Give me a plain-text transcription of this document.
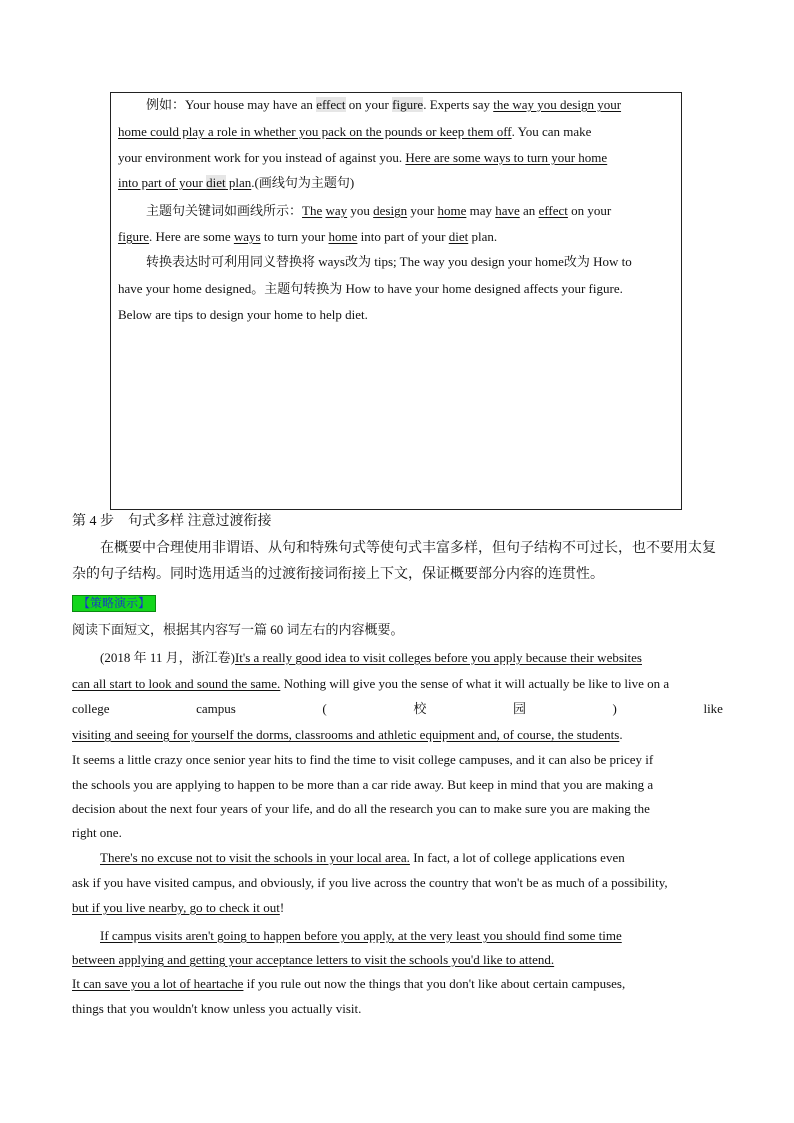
例如：Your house may have an effect on your figure. Experts say the way you design your
home could play a role in whether you pack on the pounds or keep them off. You can make
your environment work for you instead of against you. Here are some ways to turn your home
into part of your diet plan.(画线句为主题句)
主题句关键词如画线所示：The way you design your home may have an effect on your
figure. Here are some ways to turn your home into part of your diet plan.
转换表达时可利用同义替换将 ways改为 tips; The way you design your home改为 How to
have your home designed。主题句转换为 How to have your home designed affects your figure.
Below are tips to design your home to help diet.
第 4 步　句式多样 注意过渡衔接
在概要中合理使用非谓语、从句和特殊句式等使句式丰富多样，但句子结构不可过长，也不要用太复
杂的句子结构。同时选用适当的过渡衔接词衔接上下文，保证概要部分内容的连贯性。
【策略演示】
阅读下面短文，根据其内容写一篇 60 词左右的内容概要。
(2018 年 11 月，浙江卷)It's a really good idea to visit colleges before you apply because their websites
can all start to look and sound the same. Nothing will give you the sense of what it will actually be like to live on a
college	campus	(	校	园	)	like
visiting and seeing for yourself the dorms, classrooms and athletic equipment and, of course, the students.
It seems a little crazy once senior year hits to find the time to visit college campuses, and it can also be pricey if
the schools you are applying to happen to be more than a car ride away. But keep in mind that you are making a
decision about the next four years of your life, and do all the research you can to make sure you are making the
right one.
There's no excuse not to visit the schools in your local area. In fact, a lot of college applications even
ask if you have visited campus, and obviously, if you live across the country that won't be as much of a possibility,
but if you live nearby, go to check it out!
If campus visits aren't going to happen before you apply, at the very least you should find some time
between applying and getting your acceptance letters to visit the schools you'd like to attend.
It can save you a lot of heartache if you rule out now the things that you don't like about certain campuses,
things that you wouldn't know unless you actually visit.
